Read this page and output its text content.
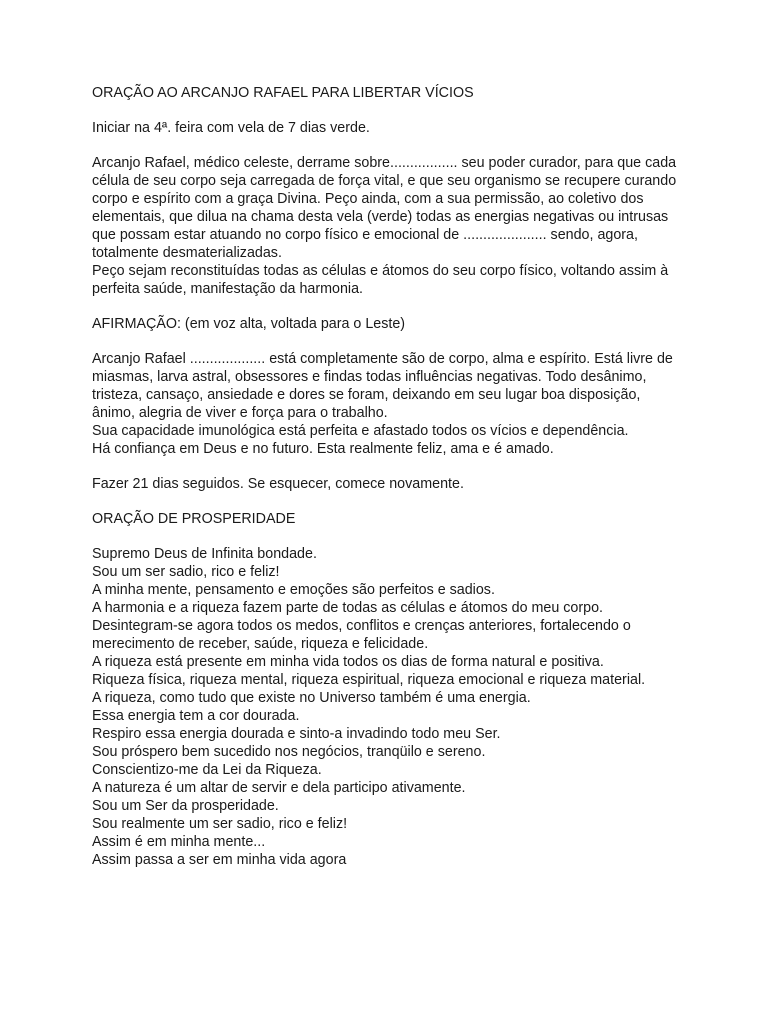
ORAÇÃO AO ARCANJO RAFAEL PARA LIBERTAR VÍCIOS
Iniciar na 4ª. feira com vela de 7 dias verde.
Arcanjo Rafael, médico celeste, derrame sobre................. seu poder curador, para que cada
célula de seu corpo seja carregada de força vital, e que seu organismo se recupere curando
corpo e espírito com a graça Divina. Peço ainda, com a sua permissão, ao coletivo dos
elementais, que dilua na chama desta vela (verde) todas as energias negativas ou intrusas
que possam estar atuando no corpo físico e emocional de ..................... sendo, agora,
totalmente desmaterializadas.
Peço sejam reconstituídas todas as células e átomos do seu corpo físico, voltando assim à
perfeita saúde, manifestação da harmonia.
AFIRMAÇÃO: (em voz alta, voltada para o Leste)
Arcanjo Rafael ................... está completamente são de corpo, alma e espírito. Está livre de
miasmas, larva astral, obsessores e findas todas influências negativas. Todo desânimo,
tristeza, cansaço, ansiedade e dores se foram, deixando em seu lugar boa disposição,
ânimo, alegria de viver e força para o trabalho.
Sua capacidade imunológica está perfeita e afastado todos os vícios e dependência.
Há confiança em Deus e no futuro. Esta realmente feliz, ama e é amado.
Fazer 21 dias seguidos. Se esquecer, comece novamente.
ORAÇÃO DE PROSPERIDADE
Supremo Deus de Infinita bondade.
Sou um ser sadio, rico e feliz!
A minha mente, pensamento e emoções são perfeitos e sadios.
A harmonia e a riqueza fazem parte de todas as células e átomos do meu corpo.
Desintegram-se agora todos os medos, conflitos e crenças anteriores, fortalecendo o
merecimento de receber, saúde, riqueza e felicidade.
A riqueza está presente em minha vida todos os dias de forma natural e positiva.
Riqueza física, riqueza mental, riqueza espiritual, riqueza emocional e riqueza material.
A riqueza, como tudo que existe no Universo também é uma energia.
Essa energia tem a cor dourada.
Respiro essa energia dourada e sinto-a invadindo todo meu Ser.
Sou próspero bem sucedido nos negócios, tranqüilo e sereno.
Conscientizo-me da Lei da Riqueza.
A natureza é um altar de servir e dela participo ativamente.
Sou um Ser da prosperidade.
Sou realmente um ser sadio, rico e feliz!
Assim é em minha mente...
Assim passa a ser em minha vida agora
